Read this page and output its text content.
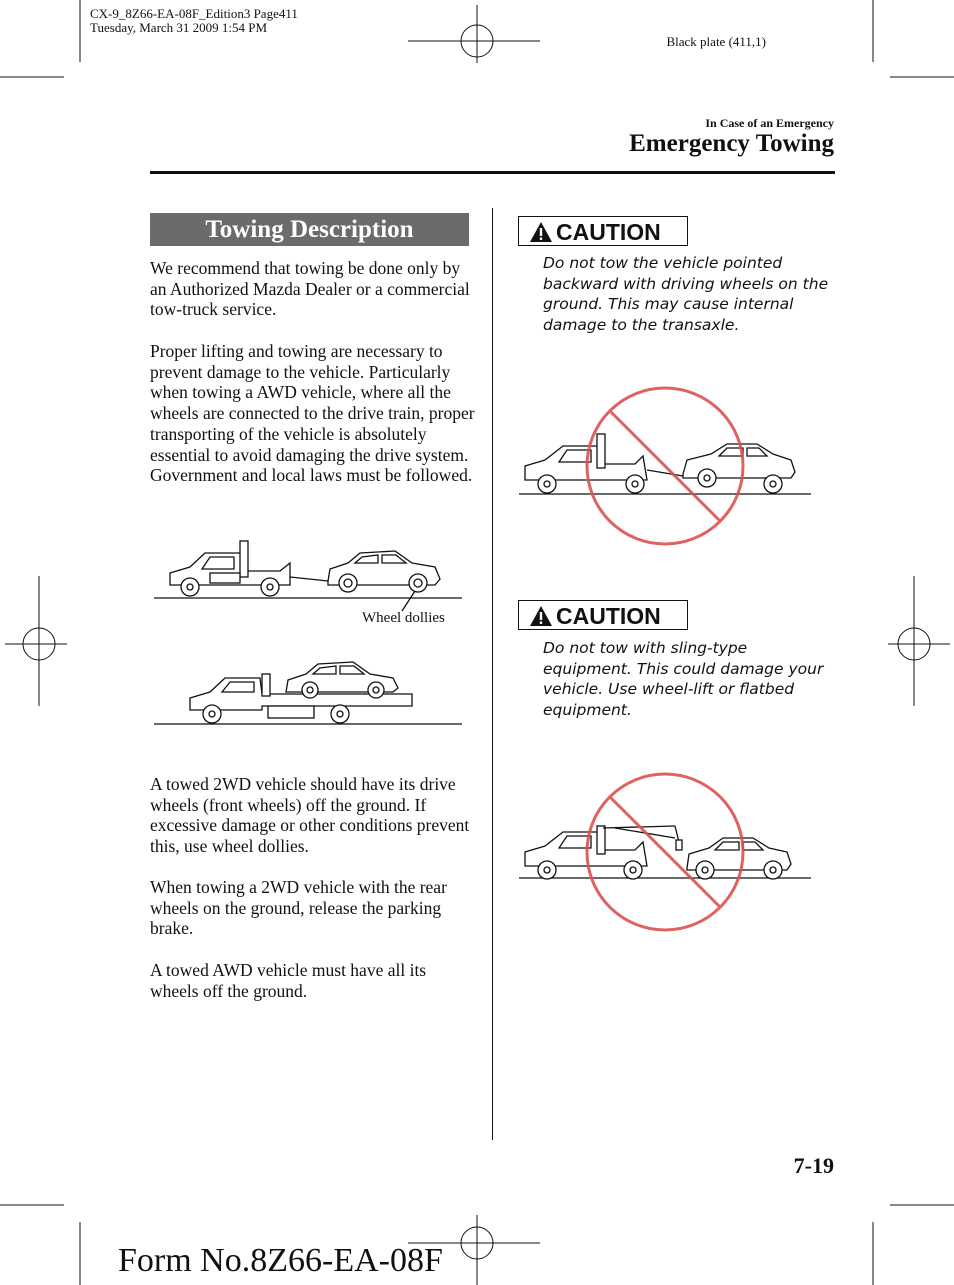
CX-9_8Z66-EA-08F_Edition3 Page411
Tuesday, March 31 2009 1:54 PM
Black plate (411,1)
In Case of an Emergency
Emergency Towing
Towing Description
We recommend that towing be done only by an Authorized Mazda Dealer or a commercial tow-truck service.
Proper lifting and towing are necessary to prevent damage to the vehicle. Particularly when towing a AWD vehicle, where all the wheels are connected to the drive train, proper transporting of the vehicle is absolutely essential to avoid damaging the drive system. Government and local laws must be followed.
Wheel dollies
A towed 2WD vehicle should have its drive wheels (front wheels) off the ground. If excessive damage or other conditions prevent this, use wheel dollies.
When towing a 2WD vehicle with the rear wheels on the ground, release the parking brake.
A towed AWD vehicle must have all its wheels off the ground.
CAUTION
Do not tow the vehicle pointed backward with driving wheels on the ground. This may cause internal damage to the transaxle.
CAUTION
Do not tow with sling-type equipment. This could damage your vehicle. Use wheel-lift or flatbed equipment.
7-19
Form No.8Z66-EA-08F
